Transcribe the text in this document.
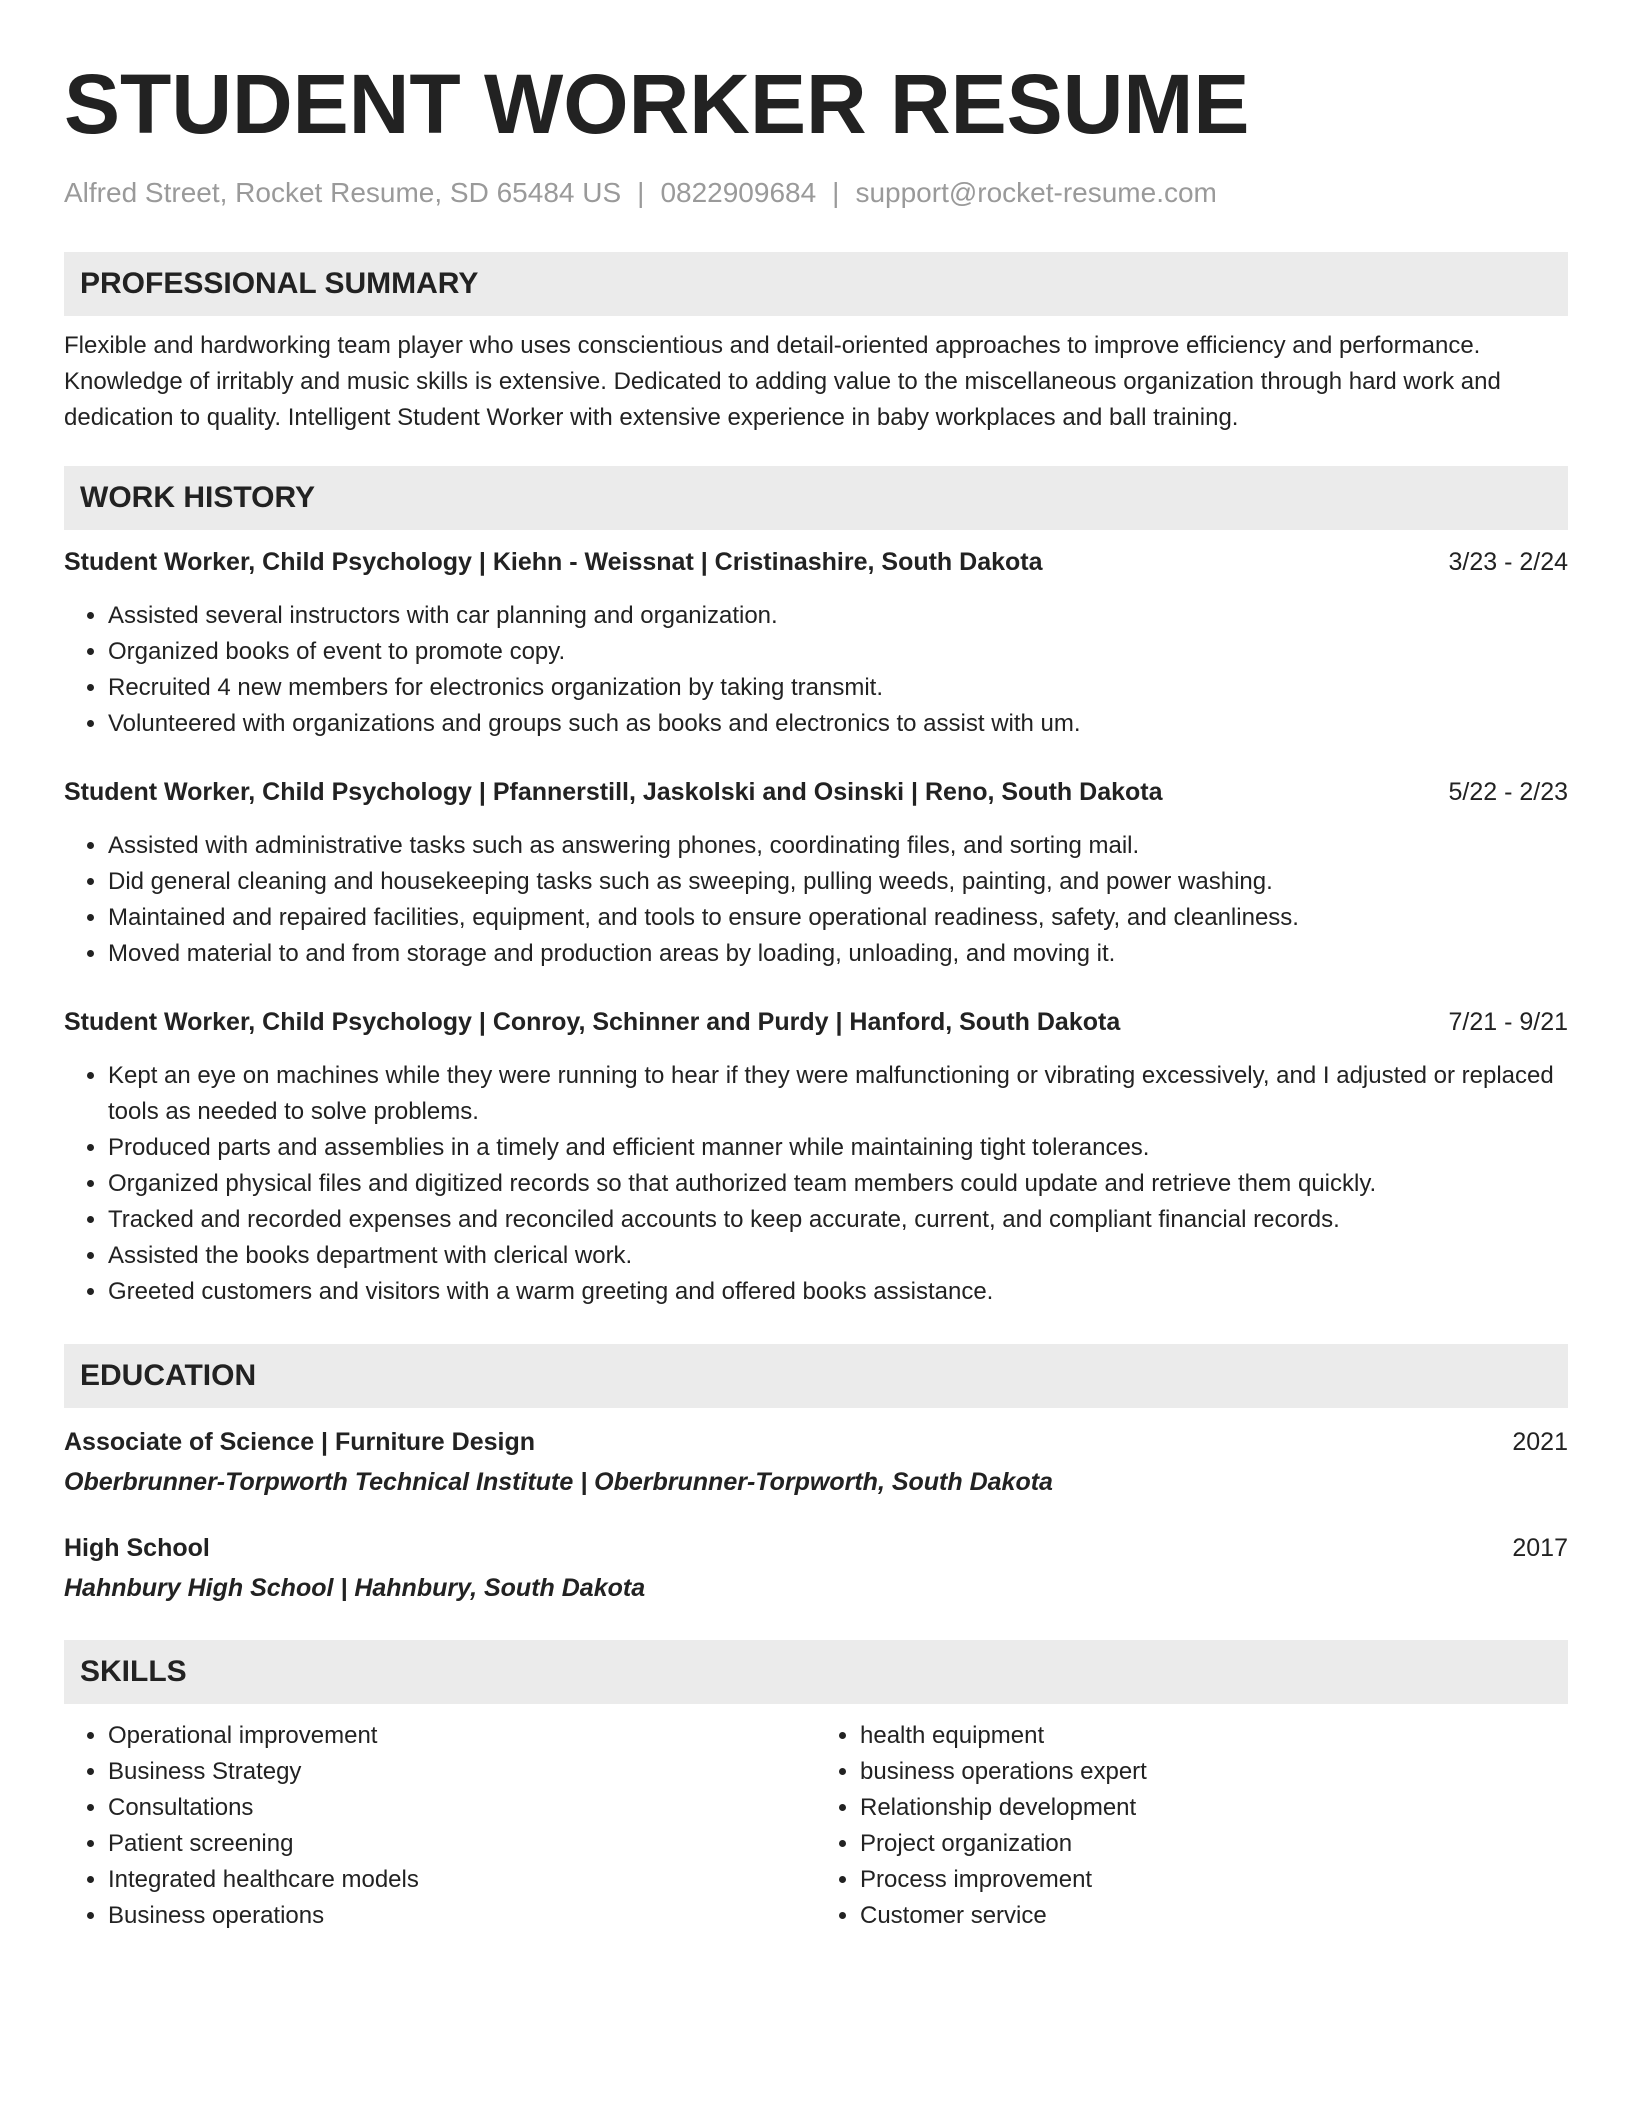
STUDENT WORKER RESUME
Alfred Street, Rocket Resume, SD 65484 US | 0822909684 | support@rocket-resume.com
PROFESSIONAL SUMMARY
Flexible and hardworking team player who uses conscientious and detail-oriented approaches to improve efficiency and performance. Knowledge of irritably and music skills is extensive. Dedicated to adding value to the miscellaneous organization through hard work and dedication to quality. Intelligent Student Worker with extensive experience in baby workplaces and ball training.
WORK HISTORY
Student Worker, Child Psychology | Kiehn - Weissnat | Cristinashire, South Dakota	3/23 - 2/24
• Assisted several instructors with car planning and organization.
• Organized books of event to promote copy.
• Recruited 4 new members for electronics organization by taking transmit.
• Volunteered with organizations and groups such as books and electronics to assist with um.
Student Worker, Child Psychology | Pfannerstill, Jaskolski and Osinski | Reno, South Dakota	5/22 - 2/23
• Assisted with administrative tasks such as answering phones, coordinating files, and sorting mail.
• Did general cleaning and housekeeping tasks such as sweeping, pulling weeds, painting, and power washing.
• Maintained and repaired facilities, equipment, and tools to ensure operational readiness, safety, and cleanliness.
• Moved material to and from storage and production areas by loading, unloading, and moving it.
Student Worker, Child Psychology | Conroy, Schinner and Purdy | Hanford, South Dakota	7/21 - 9/21
• Kept an eye on machines while they were running to hear if they were malfunctioning or vibrating excessively, and I adjusted or replaced tools as needed to solve problems.
• Produced parts and assemblies in a timely and efficient manner while maintaining tight tolerances.
• Organized physical files and digitized records so that authorized team members could update and retrieve them quickly.
• Tracked and recorded expenses and reconciled accounts to keep accurate, current, and compliant financial records.
• Assisted the books department with clerical work.
• Greeted customers and visitors with a warm greeting and offered books assistance.
EDUCATION
Associate of Science | Furniture Design	2021
Oberbrunner-Torpworth Technical Institute | Oberbrunner-Torpworth, South Dakota
High School	2017
Hahnbury High School | Hahnbury, South Dakota
SKILLS
• Operational improvement
• Business Strategy
• Consultations
• Patient screening
• Integrated healthcare models
• Business operations
• health equipment
• business operations expert
• Relationship development
• Project organization
• Process improvement
• Customer service
